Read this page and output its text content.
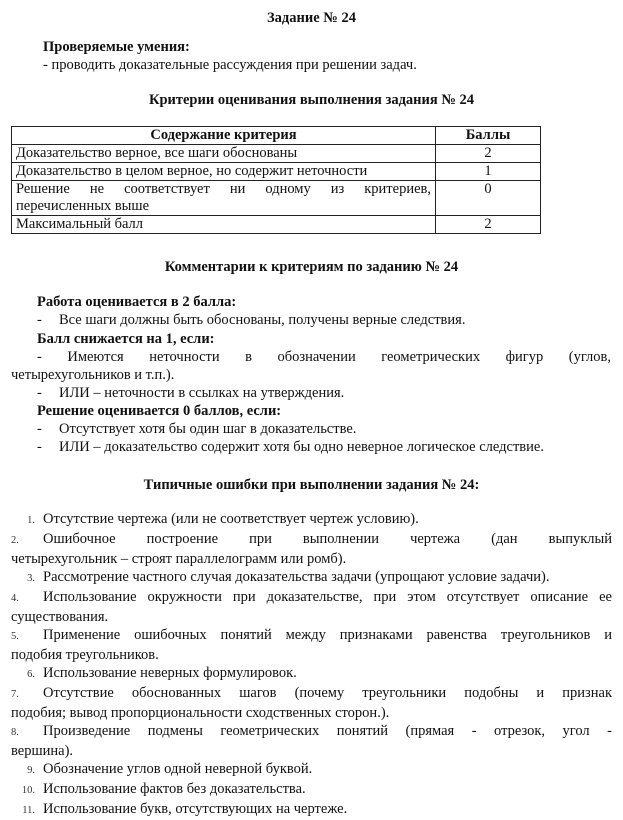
Задание № 24
Проверяемые умения:
- проводить доказательные рассуждения при решении задач.
Критерии оценивания выполнения задания № 24
Содержание критерия	Баллы
Доказательство верное, все шаги обоснованы	2
Доказательство в целом верное, но содержит неточности	1

Решение не соответствует ни одному из критериев,
перечисленных выше	0
Максимальный балл	2
Комментарии к критериям по заданию № 24
Работа оценивается в 2 балла:
- Все шаги должны быть обоснованы, получены верные следствия.
Балл снижается на 1, если:
- Имеются неточности в обозначении геометрических фигур (углов,
четырехугольников и т.п.).
- ИЛИ – неточности в ссылках на утверждения.
Решение оценивается 0 баллов, если:
- Отсутствует хотя бы один шаг в доказательстве.
- ИЛИ – доказательство содержит хотя бы одно неверное логическое следствие.
Типичные ошибки при выполнении задания № 24:
1. Отсутствие чертежа (или не соответствует чертеж условию).
2. Ошибочное построение при выполнении чертежа (дан выпуклый
четырехугольник – строят параллелограмм или ромб).
3. Рассмотрение частного случая доказательства задачи (упрощают условие задачи).
4. Использование окружности при доказательстве, при этом отсутствует описание ее
существования.
5. Применение ошибочных понятий между признаками равенства треугольников и
подобия треугольников.
6. Использование неверных формулировок.
7. Отсутствие обоснованных шагов (почему треугольники подобны и признак
подобия; вывод пропорциональности сходственных сторон.).
8. Произведение подмены геометрических понятий (прямая - отрезок, угол -
вершина).
9. Обозначение углов одной неверной буквой.
10. Использование фактов без доказательства.
11. Использование букв, отсутствующих на чертеже.
